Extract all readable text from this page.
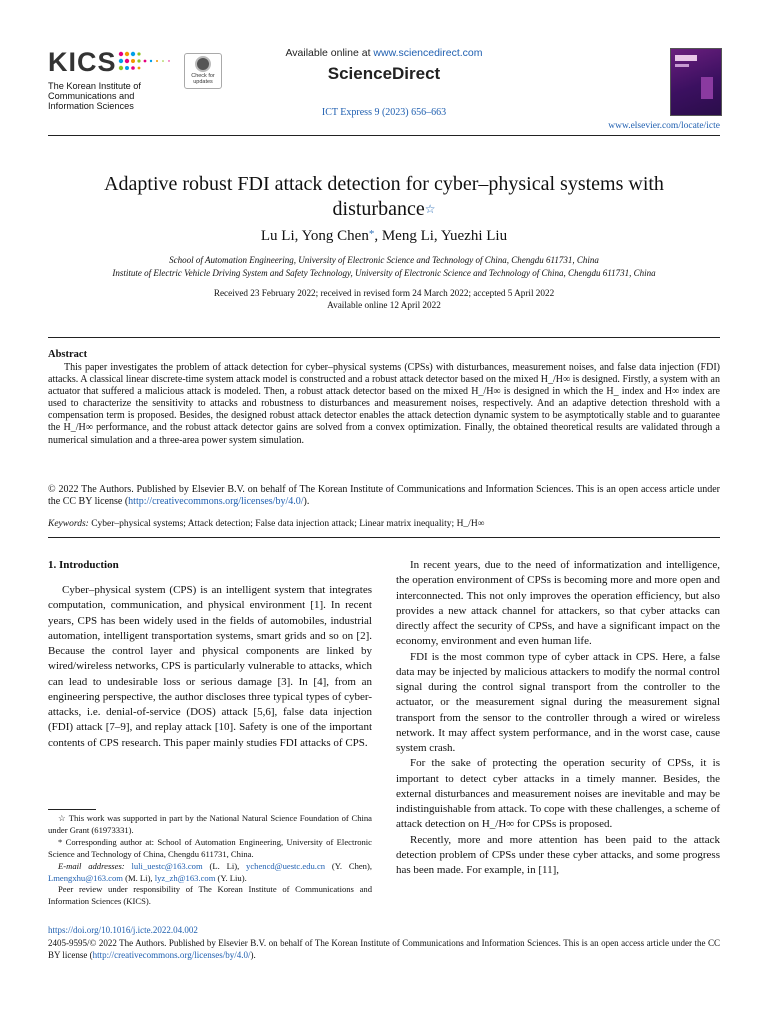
KICS
The Korean Institute of
Communications and
Information Sciences
Check for updates
Available online at www.sciencedirect.com
ScienceDirect
ICT Express 9 (2023) 656–663
www.elsevier.com/locate/icte
Adaptive robust FDI attack detection for cyber–physical systems with
disturbance☆
Lu Li, Yong Chen*, Meng Li, Yuezhi Liu
School of Automation Engineering, University of Electronic Science and Technology of China, Chengdu 611731, China
Institute of Electric Vehicle Driving System and Safety Technology, University of Electronic Science and Technology of China, Chengdu 611731, China
Received 23 February 2022; received in revised form 24 March 2022; accepted 5 April 2022
Available online 12 April 2022
Abstract

This paper investigates the problem of attack detection for cyber–physical systems (CPSs) with disturbances, measurement noises, and false data injection (FDI) attacks. A classical linear discrete-time system attack model is constructed and a robust attack detector based on the mixed H_/H∞ is designed. Firstly, a system with an actuator that suffered a malicious attack is modeled. Then, a robust attack detector based on the mixed H_/H∞ is designed in which the H_ index and H∞ index are used to characterize the sensitivity to attacks and robustness to disturbances and measurement noises, respectively. And an adaptive detection threshold with a compensation term is proposed. Besides, the designed robust attack detector enables the attack detection dynamic system to be asymptotically stable and to guarantee the H_/H∞ performance, and the robust attack detector gains are solved from a convex optimization. Finally, the obtained theoretical results are validated through a numerical simulation and a three-area power system simulation.

© 2022 The Authors. Published by Elsevier B.V. on behalf of The Korean Institute of Communications and Information Sciences. This is an open access article under the CC BY license (http://creativecommons.org/licenses/by/4.0/).

Keywords: Cyber–physical systems; Attack detection; False data injection attack; Linear matrix inequality; H_/H∞
1. Introduction

Cyber–physical system (CPS) is an intelligent system that integrates computation, communication, and physical environment [1]. In recent years, CPS has been widely used in the fields of automobiles, industrial automation, intelligent transportation systems, smart grids and so on [2]. Because the control layer and physical components are linked by wired/wireless networks, CPS is particularly vulnerable to attacks, which can lead to undesirable loss or serious damage [3]. In [4], from an engineering perspective, the author discloses three typical types of cyber-attacks, i.e. denial-of-service (DOS) attack [5,6], false data injection (FDI) attack [7–9], and replay attack [10]. Safety is one of the important contents of CPS research. This paper mainly studies FDI attacks of CPS.

In recent years, due to the need of informatization and intelligence, the operation environment of CPSs is becoming more and more open and interconnected. This not only improves the operation efficiency, but also provides a new attack channel for attackers, so that cyber attacks can directly affect the security of CPSs, and have a significant impact on the economy, environment and even human life.

FDI is the most common type of cyber attack in CPS. Here, a false data may be injected by malicious attackers to modify the normal control signal during the control signal transport from the controller to the actuator, or the measurement signal during the measurement signal transport from the sensor to the controller through a wired or wireless network. It may affect system performance, and in the worst case, cause system crash.

For the sake of protecting the operation security of CPSs, it is important to detect cyber attacks in a timely manner. Besides, the external disturbances and measurement noises are inevitable and may be indistinguishable from attack. To cope with these challenges, a scheme of attack detection on H_/H∞ for CPSs is proposed.

Recently, more and more attention has been paid to the attack detection problem of CPSs under these cyber attacks, and some progress has been made. For example, in [11],

☆ This work was supported in part by the National Natural Science Foundation of China under Grant (61973331).

* Corresponding author at: School of Automation Engineering, University of Electronic Science and Technology of China, Chengdu 611731, China.

E-mail addresses: luli_uestc@163.com (L. Li), ychencd@uestc.edu.cn (Y. Chen), Lmengxhu@163.com (M. Li), lyz_zh@163.com (Y. Liu).

Peer review under responsibility of The Korean Institute of Communications and Information Sciences (KICS).

https://doi.org/10.1016/j.icte.2022.04.002

2405-9595/© 2022 The Authors. Published by Elsevier B.V. on behalf of The Korean Institute of Communications and Information Sciences. This is an open access article under the CC BY license (http://creativecommons.org/licenses/by/4.0/).
